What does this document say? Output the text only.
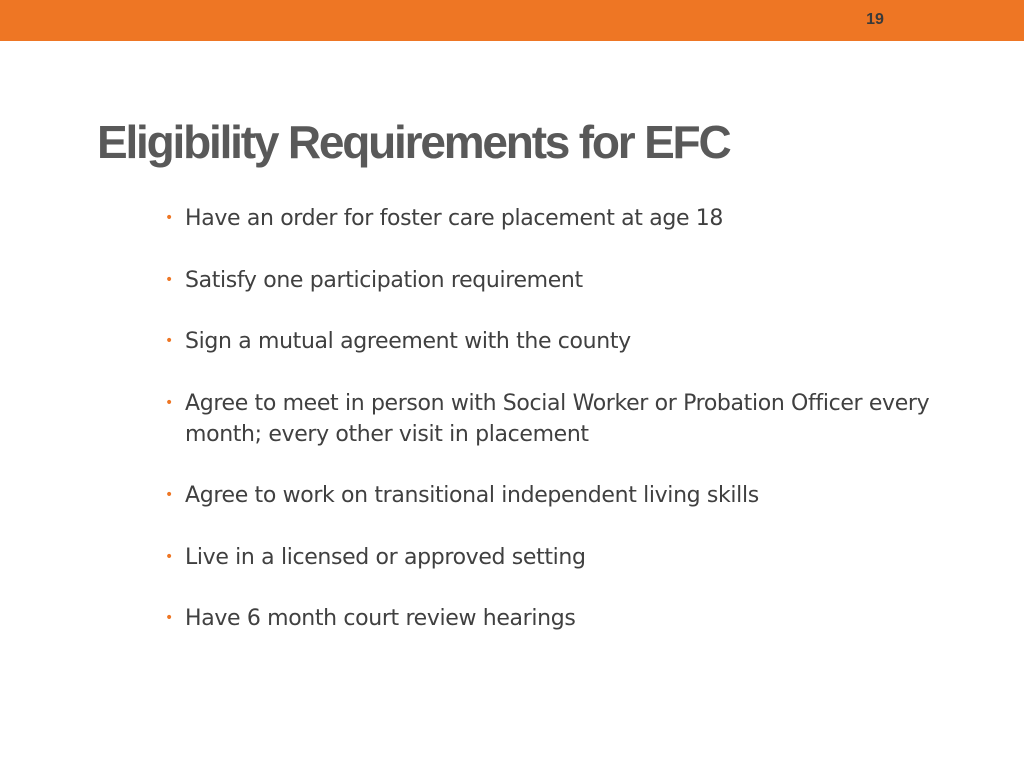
19
Eligibility Requirements for EFC
• Have an order for foster care placement at age 18
• Satisfy one participation requirement
• Sign a mutual agreement with the county
• Agree to meet in person with Social Worker or Probation Officer every month; every other visit in placement
• Agree to work on transitional independent living skills
• Live in a licensed or approved setting
• Have 6 month court review hearings
